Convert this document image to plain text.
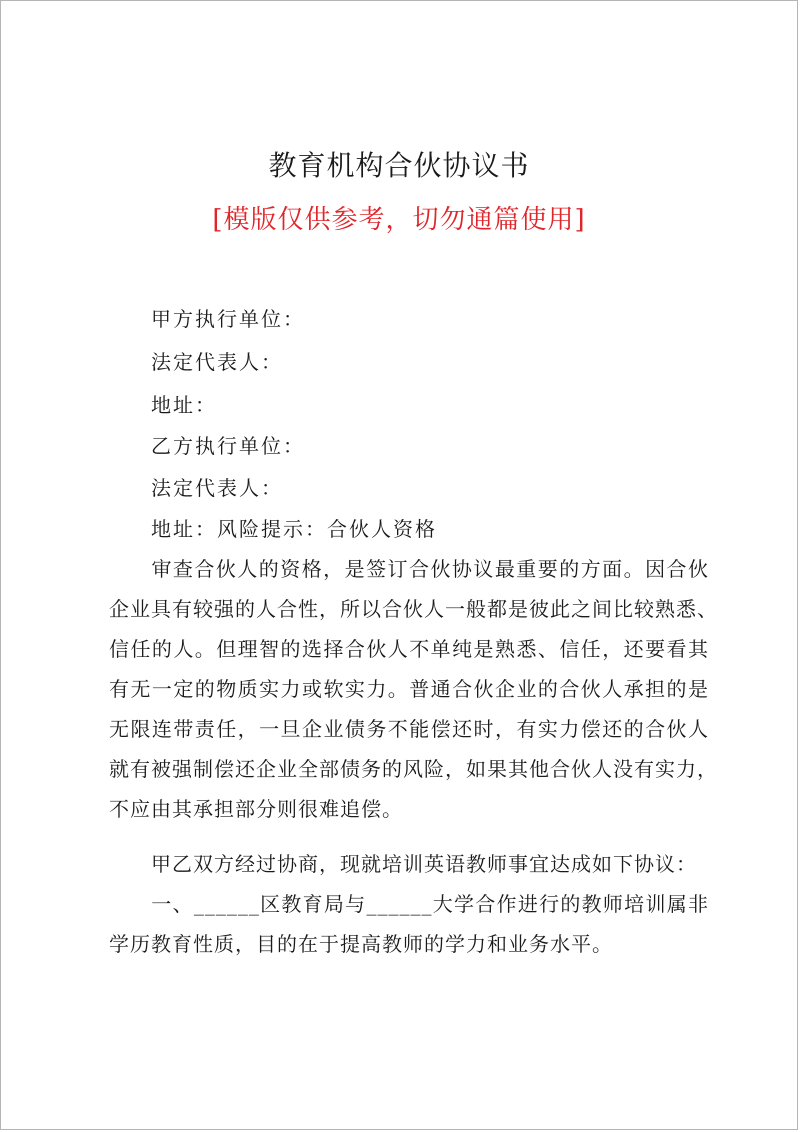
教育机构合伙协议书
[模版仅供参考，切勿通篇使用]
甲方执行单位：
法定代表人：
地址：
乙方执行单位：
法定代表人：
地址：风险提示：合伙人资格
审查合伙人的资格，是签订合伙协议最重要的方面。因合伙
企业具有较强的人合性，所以合伙人一般都是彼此之间比较熟悉、
信任的人。但理智的选择合伙人不单纯是熟悉、信任，还要看其
有无一定的物质实力或软实力。普通合伙企业的合伙人承担的是
无限连带责任，一旦企业债务不能偿还时，有实力偿还的合伙人
就有被强制偿还企业全部债务的风险，如果其他合伙人没有实力，
不应由其承担部分则很难追偿。
甲乙双方经过协商，现就培训英语教师事宜达成如下协议：
一、______区教育局与______大学合作进行的教师培训属非
学历教育性质，目的在于提高教师的学力和业务水平。
